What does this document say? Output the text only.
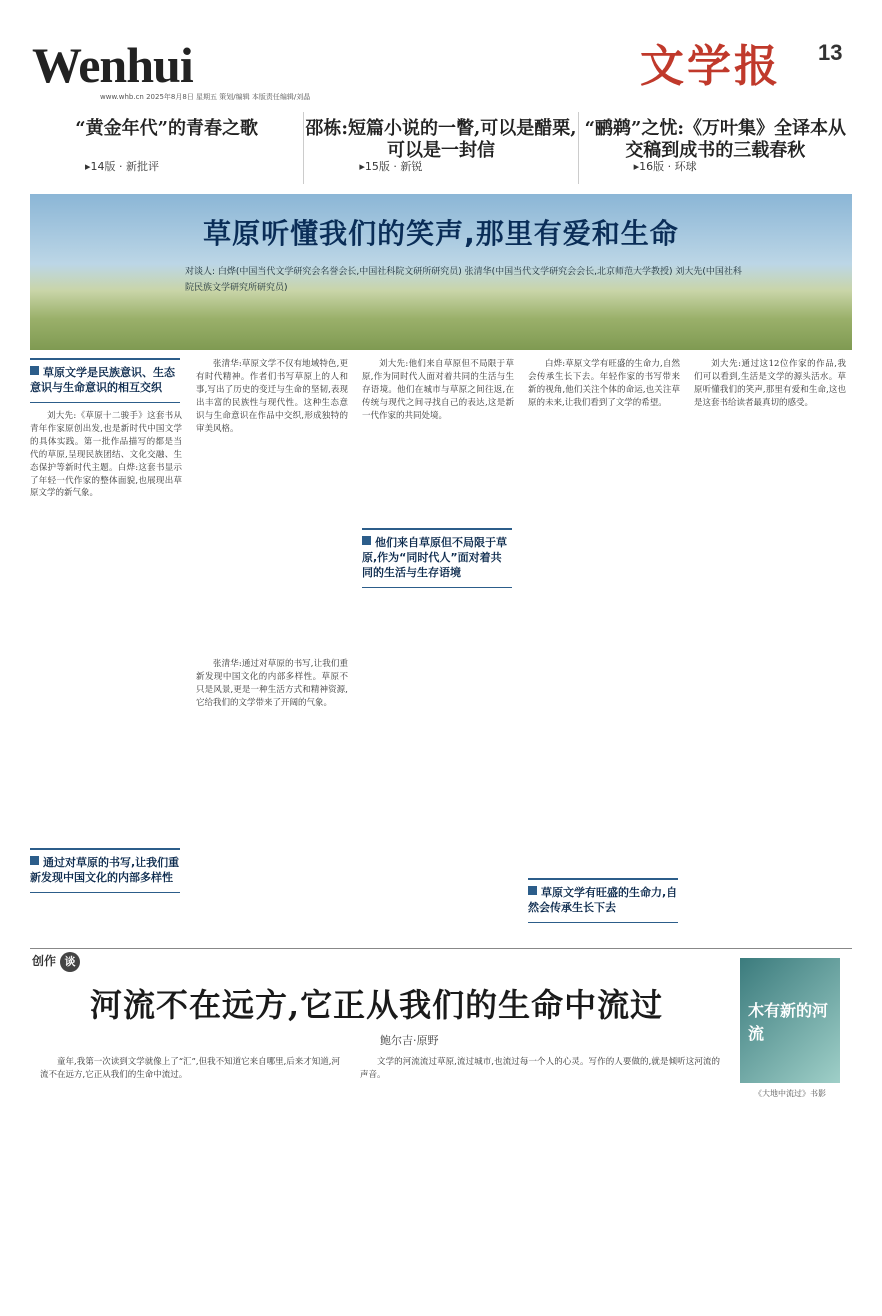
Wenhui
www.whb.cn 2025年8月8日 星期五 策划/编辑 本版责任编辑/刘晶
文学报 13
“黄金年代”的青春之歌
▸14版 · 新批评
邵栋:短篇小说的一瞥,可以是醋栗,可以是一封信
▸15版 · 新锐
“鹂鹈”之忧:《万叶集》全译本从交稿到成书的三载春秋
▸16版 · 环球
草原听懂我们的笑声,那里有爱和生命
对谈人: 白烨(中国当代文学研究会名誉会长,中国社科院文研所研究员) 张清华(中国当代文学研究会会长,北京师范大学教授) 刘大先(中国社科院民族文学研究所研究员)
草原文学是民族意识、生态意识与生命意识的相互交织

刘大先:《草原十二骏手》这套书从青年作家原创出发,也是新时代中国文学的具体实践。第一批作品描写的都是当代的草原,呈现民族团结、文化交融、生态保护等新时代主题。白烨:这套书显示了年轻一代作家的整体面貌,也展现出草原文学的新气象。

张清华:草原文学不仅有地域特色,更有时代精神。作者们书写草原上的人和事,写出了历史的变迁与生命的坚韧,表现出丰富的民族性与现代性。这种生态意识与生命意识在作品中交织,形成独特的审美风格。

他们来自草原但不局限于草原,作为“同时代人”面对着共同的生活与生存语境

刘大先:他们来自草原但不局限于草原,作为同时代人面对着共同的生活与生存语境。他们在城市与草原之间往返,在传统与现代之间寻找自己的表达,这是新一代作家的共同处境。

白烨:草原文学有旺盛的生命力,自然会传承生长下去。年轻作家的书写带来新的视角,他们关注个体的命运,也关注草原的未来,让我们看到了文学的希望。

通过对草原的书写,让我们重新发现中国文化的内部多样性

刘大先:通过这12位作家的作品,我们可以看到,生活是文学的源头活水。草原听懂我们的笑声,那里有爱和生命,这也是这套书给读者最真切的感受。

草原文学有旺盛的生命力,自然会传承生长下去

张清华:通过对草原的书写,让我们重新发现中国文化的内部多样性。草原不只是风景,更是一种生活方式和精神资源,它给我们的文学带来了开阔的气象。

创作 谈
河流不在远方,它正从我们的生命中流过
鲍尔吉·原野
木有新的河流
《大地中流过》书影

童年,我第一次读到文学就像上了“汇”,但我不知道它来自哪里,后来才知道,河流不在远方,它正从我们的生命中流过。

文学的河流流过草原,流过城市,也流过每一个人的心灵。写作的人要做的,就是倾听这河流的声音。
